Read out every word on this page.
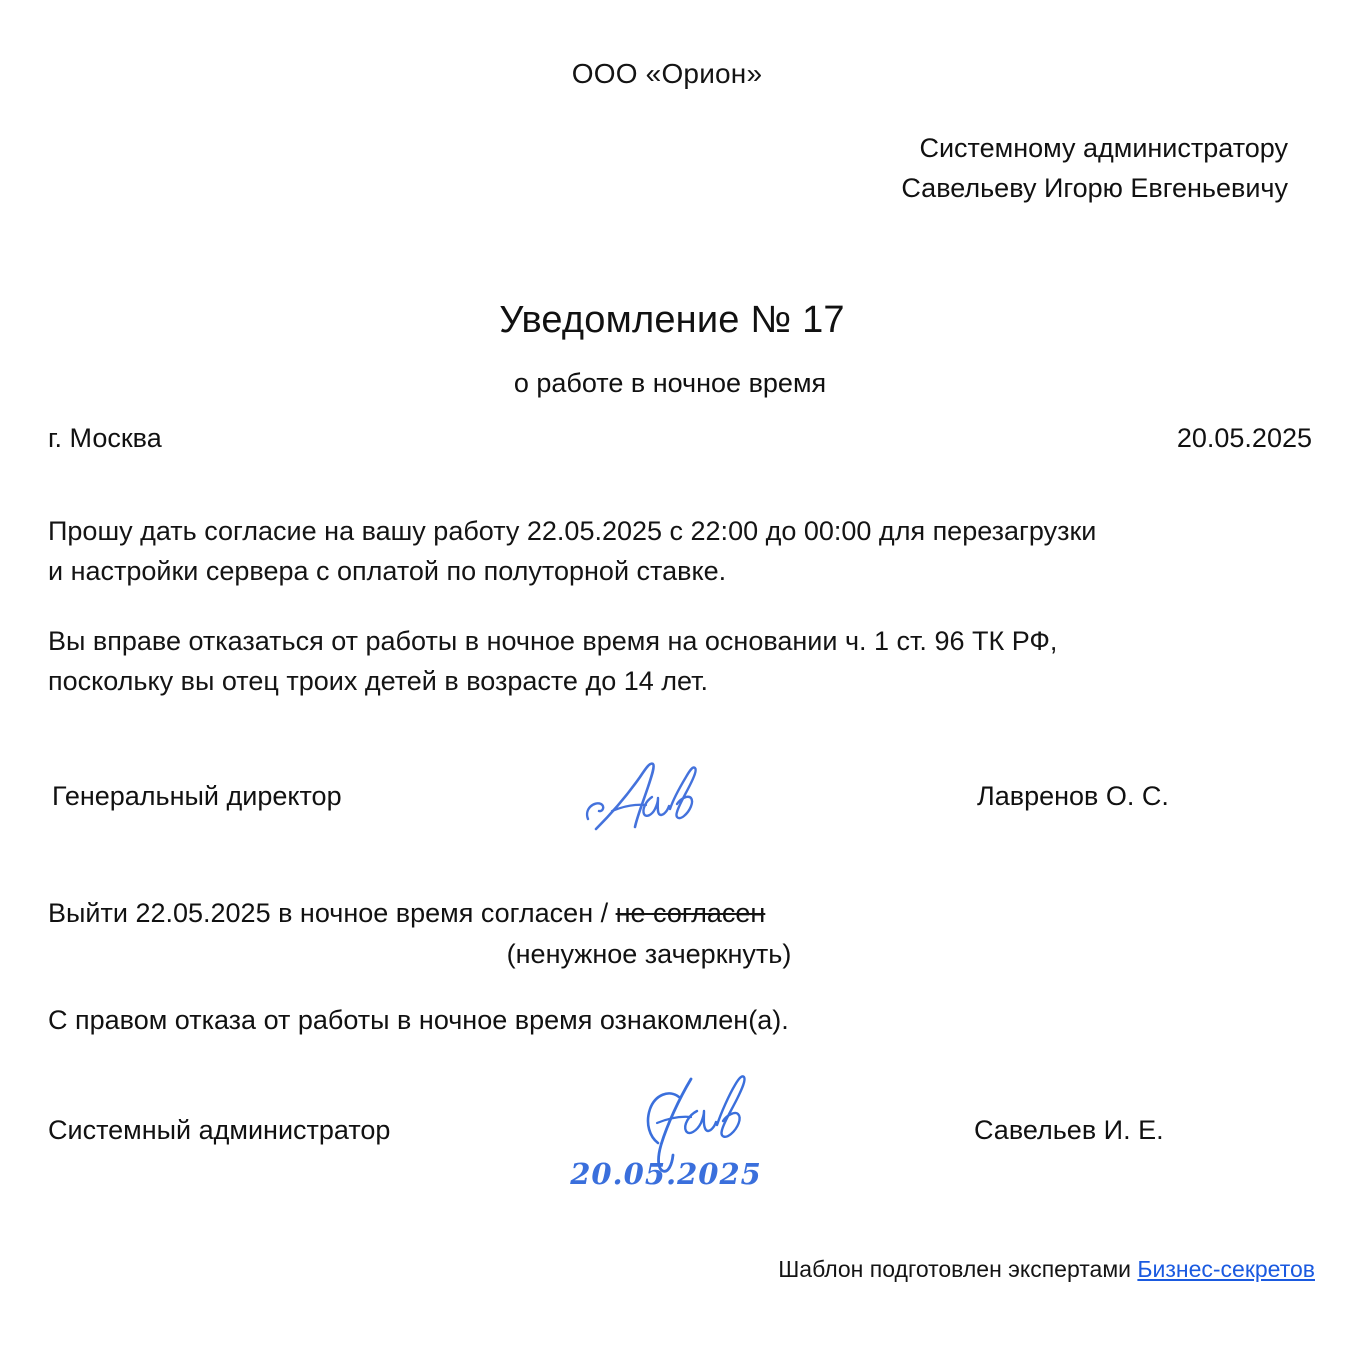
ООО «Орион»
Системному администратору
Савельеву Игорю Евгеньевичу
Уведомление № 17
о работе в ночное время
г. Москва	20.05.2025
Прошу дать согласие на вашу работу 22.05.2025 с 22:00 до 00:00 для перезагрузки
и настройки сервера с оплатой по полуторной ставке.
Вы вправе отказаться от работы в ночное время на основании ч. 1 ст. 96 ТК РФ,
поскольку вы отец троих детей в возрасте до 14 лет.
Генеральный директор	Лавренов О. С.
Выйти 22.05.2025 в ночное время согласен / не согласен
(ненужное зачеркнуть)
С правом отказа от работы в ночное время ознакомлен(а).
Системный администратор	Савельев И. Е.
20.05.2025
Шаблон подготовлен экспертами Бизнес-секретов
